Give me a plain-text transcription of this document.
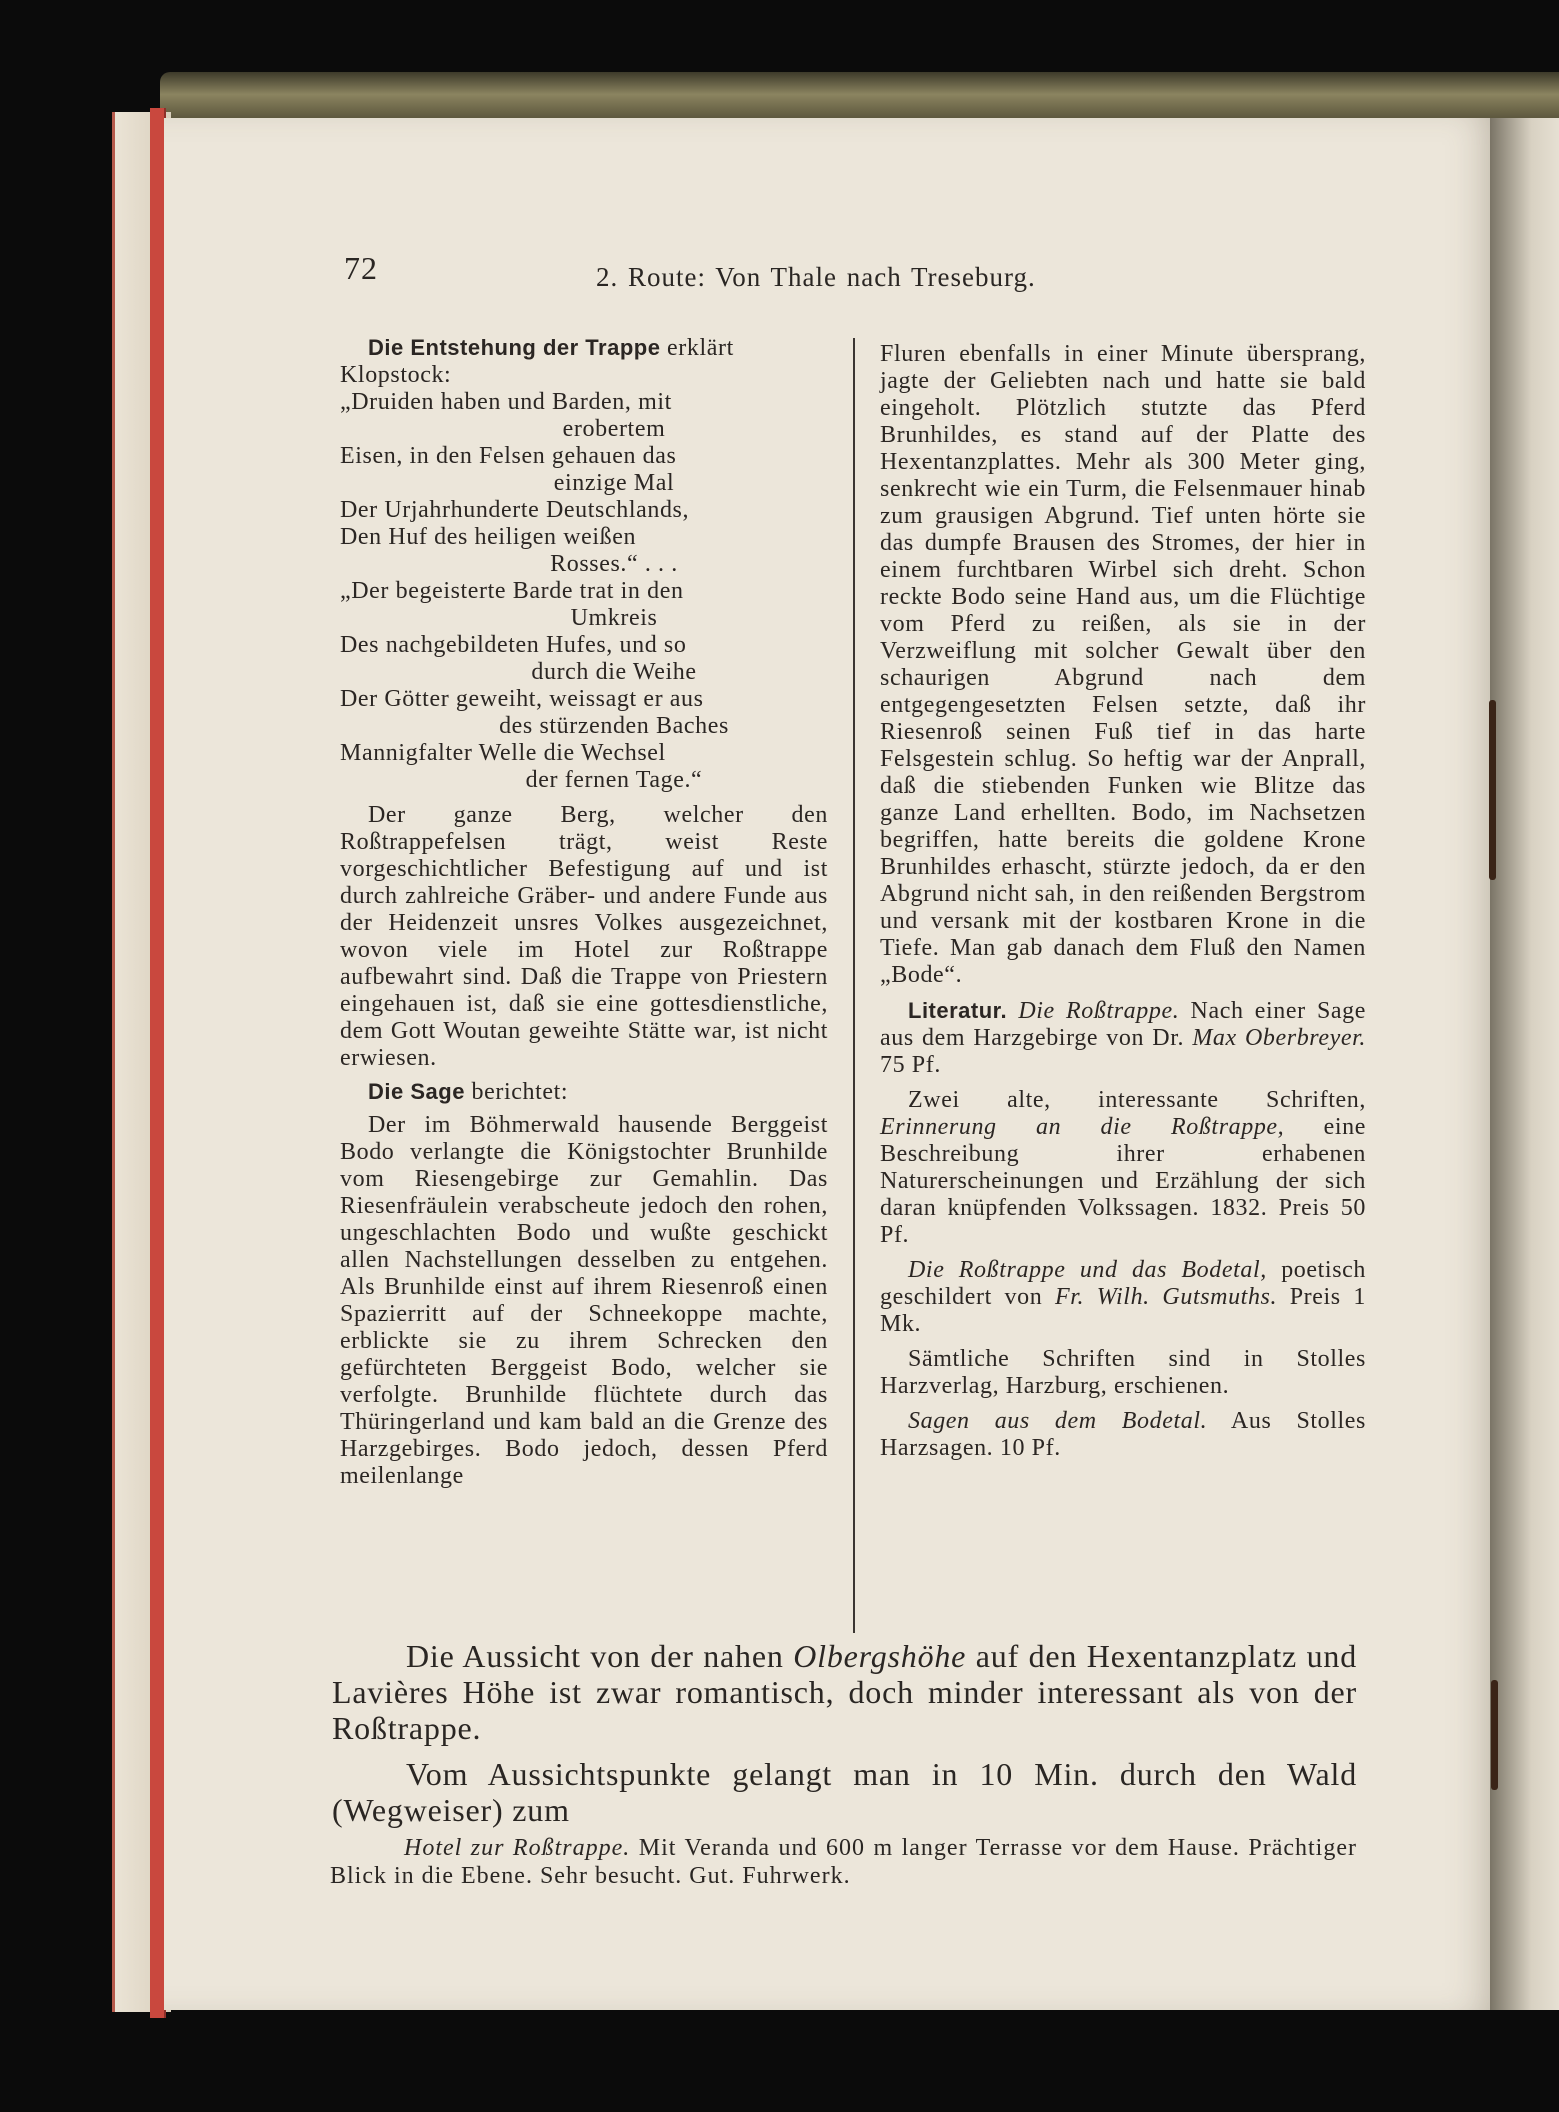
72	2. Route: Von Thale nach Treseburg.
Die Entstehung der Trappe erklärt
Klopstock:
„Druiden haben und Barden, mit
erobertem
Eisen, in den Felsen gehauen das
einzige Mal
Der Urjahrhunderte Deutschlands,
Den Huf des heiligen weißen
Rosses.“ . . .
„Der begeisterte Barde trat in den
Umkreis
Des nachgebildeten Hufes, und so
durch die Weihe
Der Götter geweiht, weissagt er aus
des stürzenden Baches
Mannigfalter Welle die Wechsel
der fernen Tage.“
Der ganze Berg, welcher den Roßtrappefelsen trägt, weist Reste vorgeschichtlicher Befestigung auf und ist durch zahlreiche Gräber- und andere Funde aus der Heidenzeit unsres Volkes ausgezeichnet, wovon viele im Hotel zur Roßtrappe aufbewahrt sind. Daß die Trappe von Priestern eingehauen ist, daß sie eine gottesdienstliche, dem Gott Woutan geweihte Stätte war, ist nicht erwiesen.
Die Sage berichtet:
Der im Böhmerwald hausende Berggeist Bodo verlangte die Königstochter Brunhilde vom Riesengebirge zur Gemahlin. Das Riesenfräulein verabscheute jedoch den rohen, ungeschlachten Bodo und wußte geschickt allen Nachstellungen desselben zu entgehen. Als Brunhilde einst auf ihrem Riesenroß einen Spazierritt auf der Schneekoppe machte, erblickte sie zu ihrem Schrecken den gefürchteten Berggeist Bodo, welcher sie verfolgte. Brunhilde flüchtete durch das Thüringerland und kam bald an die Grenze des Harzgebirges. Bodo jedoch, dessen Pferd meilenlange
Fluren ebenfalls in einer Minute übersprang, jagte der Geliebten nach und hatte sie bald eingeholt. Plötzlich stutzte das Pferd Brunhildes, es stand auf der Platte des Hexentanzplattes. Mehr als 300 Meter ging, senkrecht wie ein Turm, die Felsenmauer hinab zum grausigen Abgrund. Tief unten hörte sie das dumpfe Brausen des Stromes, der hier in einem furchtbaren Wirbel sich dreht. Schon reckte Bodo seine Hand aus, um die Flüchtige vom Pferd zu reißen, als sie in der Verzweiflung mit solcher Gewalt über den schaurigen Abgrund nach dem entgegengesetzten Felsen setzte, daß ihr Riesenroß seinen Fuß tief in das harte Felsgestein schlug. So heftig war der Anprall, daß die stiebenden Funken wie Blitze das ganze Land erhellten. Bodo, im Nachsetzen begriffen, hatte bereits die goldene Krone Brunhildes erhascht, stürzte jedoch, da er den Abgrund nicht sah, in den reißenden Bergstrom und versank mit der kostbaren Krone in die Tiefe. Man gab danach dem Fluß den Namen „Bode“.
Literatur. Die Roßtrappe. Nach einer Sage aus dem Harzgebirge von Dr. Max Oberbreyer. 75 Pf.
Zwei alte, interessante Schriften, Erinnerung an die Roßtrappe, eine Beschreibung ihrer erhabenen Naturerscheinungen und Erzählung der sich daran knüpfenden Volkssagen. 1832. Preis 50 Pf.
Die Roßtrappe und das Bodetal, poetisch geschildert von Fr. Wilh. Gutsmuths. Preis 1 Mk.
Sämtliche Schriften sind in Stolles Harzverlag, Harzburg, erschienen.
Sagen aus dem Bodetal. Aus Stolles Harzsagen. 10 Pf.

Die Aussicht von der nahen Olbergshöhe auf den Hexentanzplatz und Lavières Höhe ist zwar romantisch, doch minder interessant als von der Roßtrappe.

Vom Aussichtspunkte gelangt man in 10 Min. durch den Wald (Wegweiser) zum

Hotel zur Roßtrappe. Mit Veranda und 600 m langer Terrasse vor dem Hause. Prächtiger Blick in die Ebene. Sehr besucht. Gut. Fuhrwerk.
